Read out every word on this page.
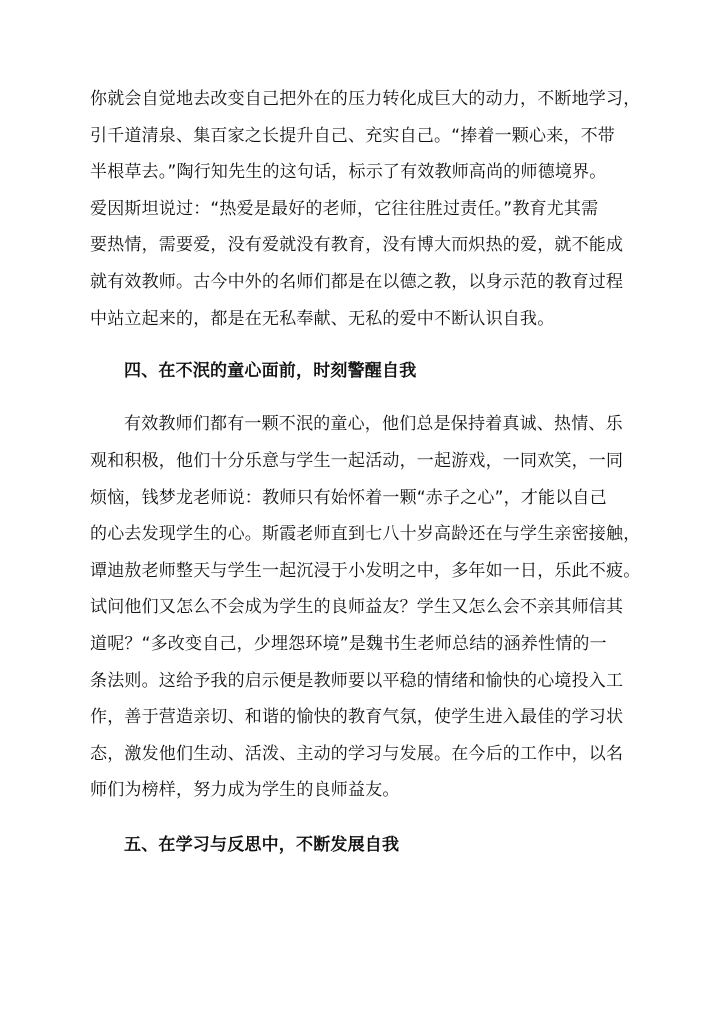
你就会自觉地去改变自己把外在的压力转化成巨大的动力，不断地学习，
引千道清泉、集百家之长提升自己、充实自己。“捧着一颗心来，不带
半根草去。”陶行知先生的这句话，标示了有效教师高尚的师德境界。
爱因斯坦说过：“热爱是最好的老师，它往往胜过责任。”教育尤其需
要热情，需要爱，没有爱就没有教育，没有博大而炽热的爱，就不能成
就有效教师。古今中外的名师们都是在以德之教，以身示范的教育过程
中站立起来的，都是在无私奉献、无私的爱中不断认识自我。
四、在不泯的童心面前，时刻警醒自我
有效教师们都有一颗不泯的童心，他们总是保持着真诚、热情、乐
观和积极，他们十分乐意与学生一起活动，一起游戏，一同欢笑，一同
烦恼，钱梦龙老师说：教师只有始怀着一颗“赤子之心”，才能以自己
的心去发现学生的心。斯霞老师直到七八十岁高龄还在与学生亲密接触，
谭迪敖老师整天与学生一起沉浸于小发明之中，多年如一日，乐此不疲。
试问他们又怎么不会成为学生的良师益友？学生又怎么会不亲其师信其
道呢？“多改变自己，少埋怨环境”是魏书生老师总结的涵养性情的一
条法则。这给予我的启示便是教师要以平稳的情绪和愉快的心境投入工
作，善于营造亲切、和谐的愉快的教育气氛，使学生进入最佳的学习状
态，激发他们生动、活泼、主动的学习与发展。在今后的工作中，以名
师们为榜样，努力成为学生的良师益友。
五、在学习与反思中，不断发展自我
